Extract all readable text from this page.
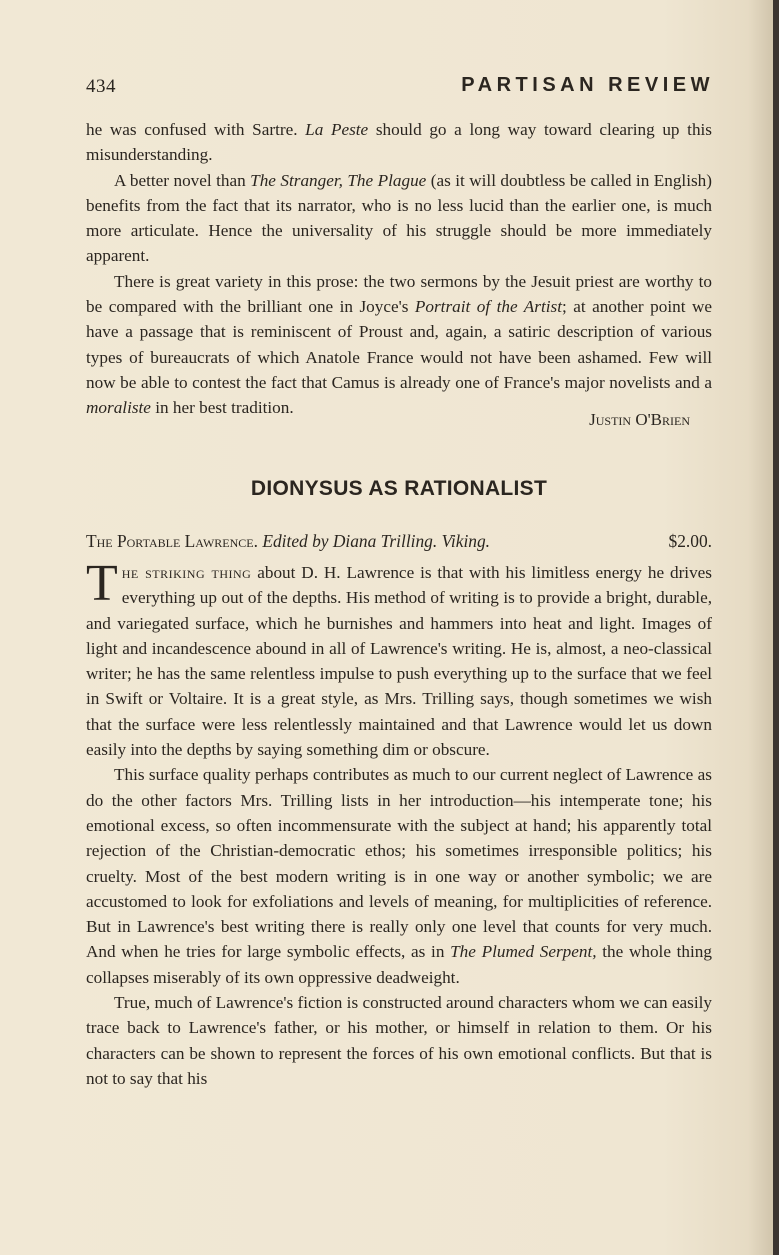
434	PARTISAN REVIEW

he was confused with Sartre. La Peste should go a long way toward clearing up this misunderstanding.

A better novel than The Stranger, The Plague (as it will doubtless be called in English) benefits from the fact that its narrator, who is no less lucid than the earlier one, is much more articulate. Hence the universality of his struggle should be more immediately apparent.

There is great variety in this prose: the two sermons by the Jesuit priest are worthy to be compared with the brilliant one in Joyce's Portrait of the Artist; at another point we have a passage that is reminiscent of Proust and, again, a satiric description of various types of bureaucrats of which Anatole France would not have been ashamed. Few will now be able to contest the fact that Camus is already one of France's major novelists and a moraliste in her best tradition.

Justin O'Brien
DIONYSUS AS RATIONALIST
The Portable Lawrence. Edited by Diana Trilling. Viking.	$2.00.

The striking thing about D. H. Lawrence is that with his limitless energy he drives everything up out of the depths. His method of writing is to provide a bright, durable, and variegated surface, which he burnishes and hammers into heat and light. Images of light and incandescence abound in all of Lawrence's writing. He is, almost, a neo-classical writer; he has the same relentless impulse to push everything up to the surface that we feel in Swift or Voltaire. It is a great style, as Mrs. Trilling says, though sometimes we wish that the surface were less relentlessly maintained and that Lawrence would let us down easily into the depths by saying something dim or obscure.

This surface quality perhaps contributes as much to our current neglect of Lawrence as do the other factors Mrs. Trilling lists in her introduction—his intemperate tone; his emotional excess, so often incommensurate with the subject at hand; his apparently total rejection of the Christian-democratic ethos; his sometimes irresponsible politics; his cruelty. Most of the best modern writing is in one way or another symbolic; we are accustomed to look for exfoliations and levels of meaning, for multiplicities of reference. But in Lawrence's best writing there is really only one level that counts for very much. And when he tries for large symbolic effects, as in The Plumed Serpent, the whole thing collapses miserably of its own oppressive deadweight.

True, much of Lawrence's fiction is constructed around characters whom we can easily trace back to Lawrence's father, or his mother, or himself in relation to them. Or his characters can be shown to represent the forces of his own emotional conflicts. But that is not to say that his
